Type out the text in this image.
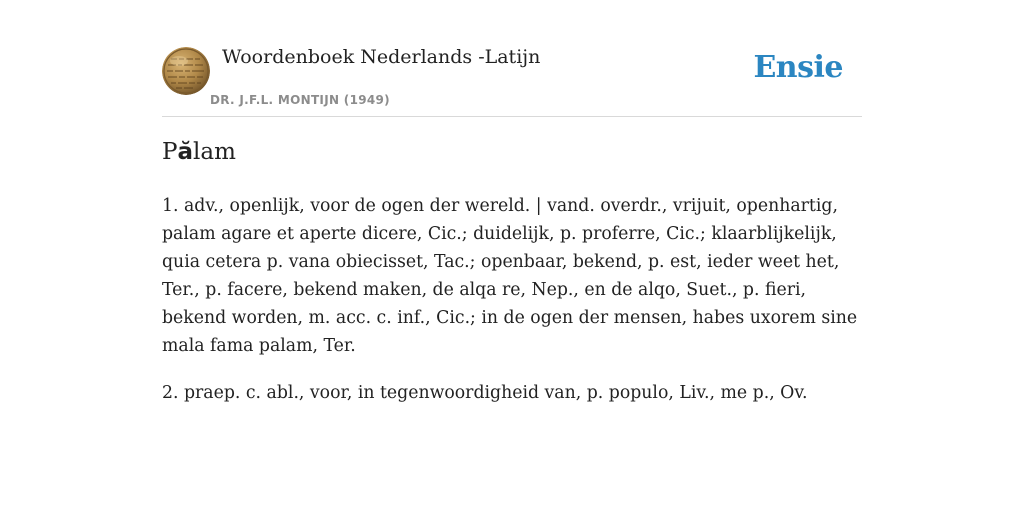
Woordenboek Nederlands -Latijn
DR. J.F.L. MONTIJN (1949)
Ensie
Pălam

1. adv., openlijk, voor de ogen der wereld. | vand. overdr., vrijuit, openhartig, palam agare et aperte dicere, Cic.; duidelijk, p. proferre, Cic.; klaarblijkelijk, quia cetera p. vana obiecisset, Tac.; openbaar, bekend, p. est, ieder weet het, Ter., p. facere, bekend maken, de alqa re, Nep., en de alqo, Suet., p. fieri, bekend worden, m. acc. c. inf., Cic.; in de ogen der mensen, habes uxorem sine mala fama palam, Ter.

2. praep. c. abl., voor, in tegenwoordigheid van, p. populo, Liv., me p., Ov.
